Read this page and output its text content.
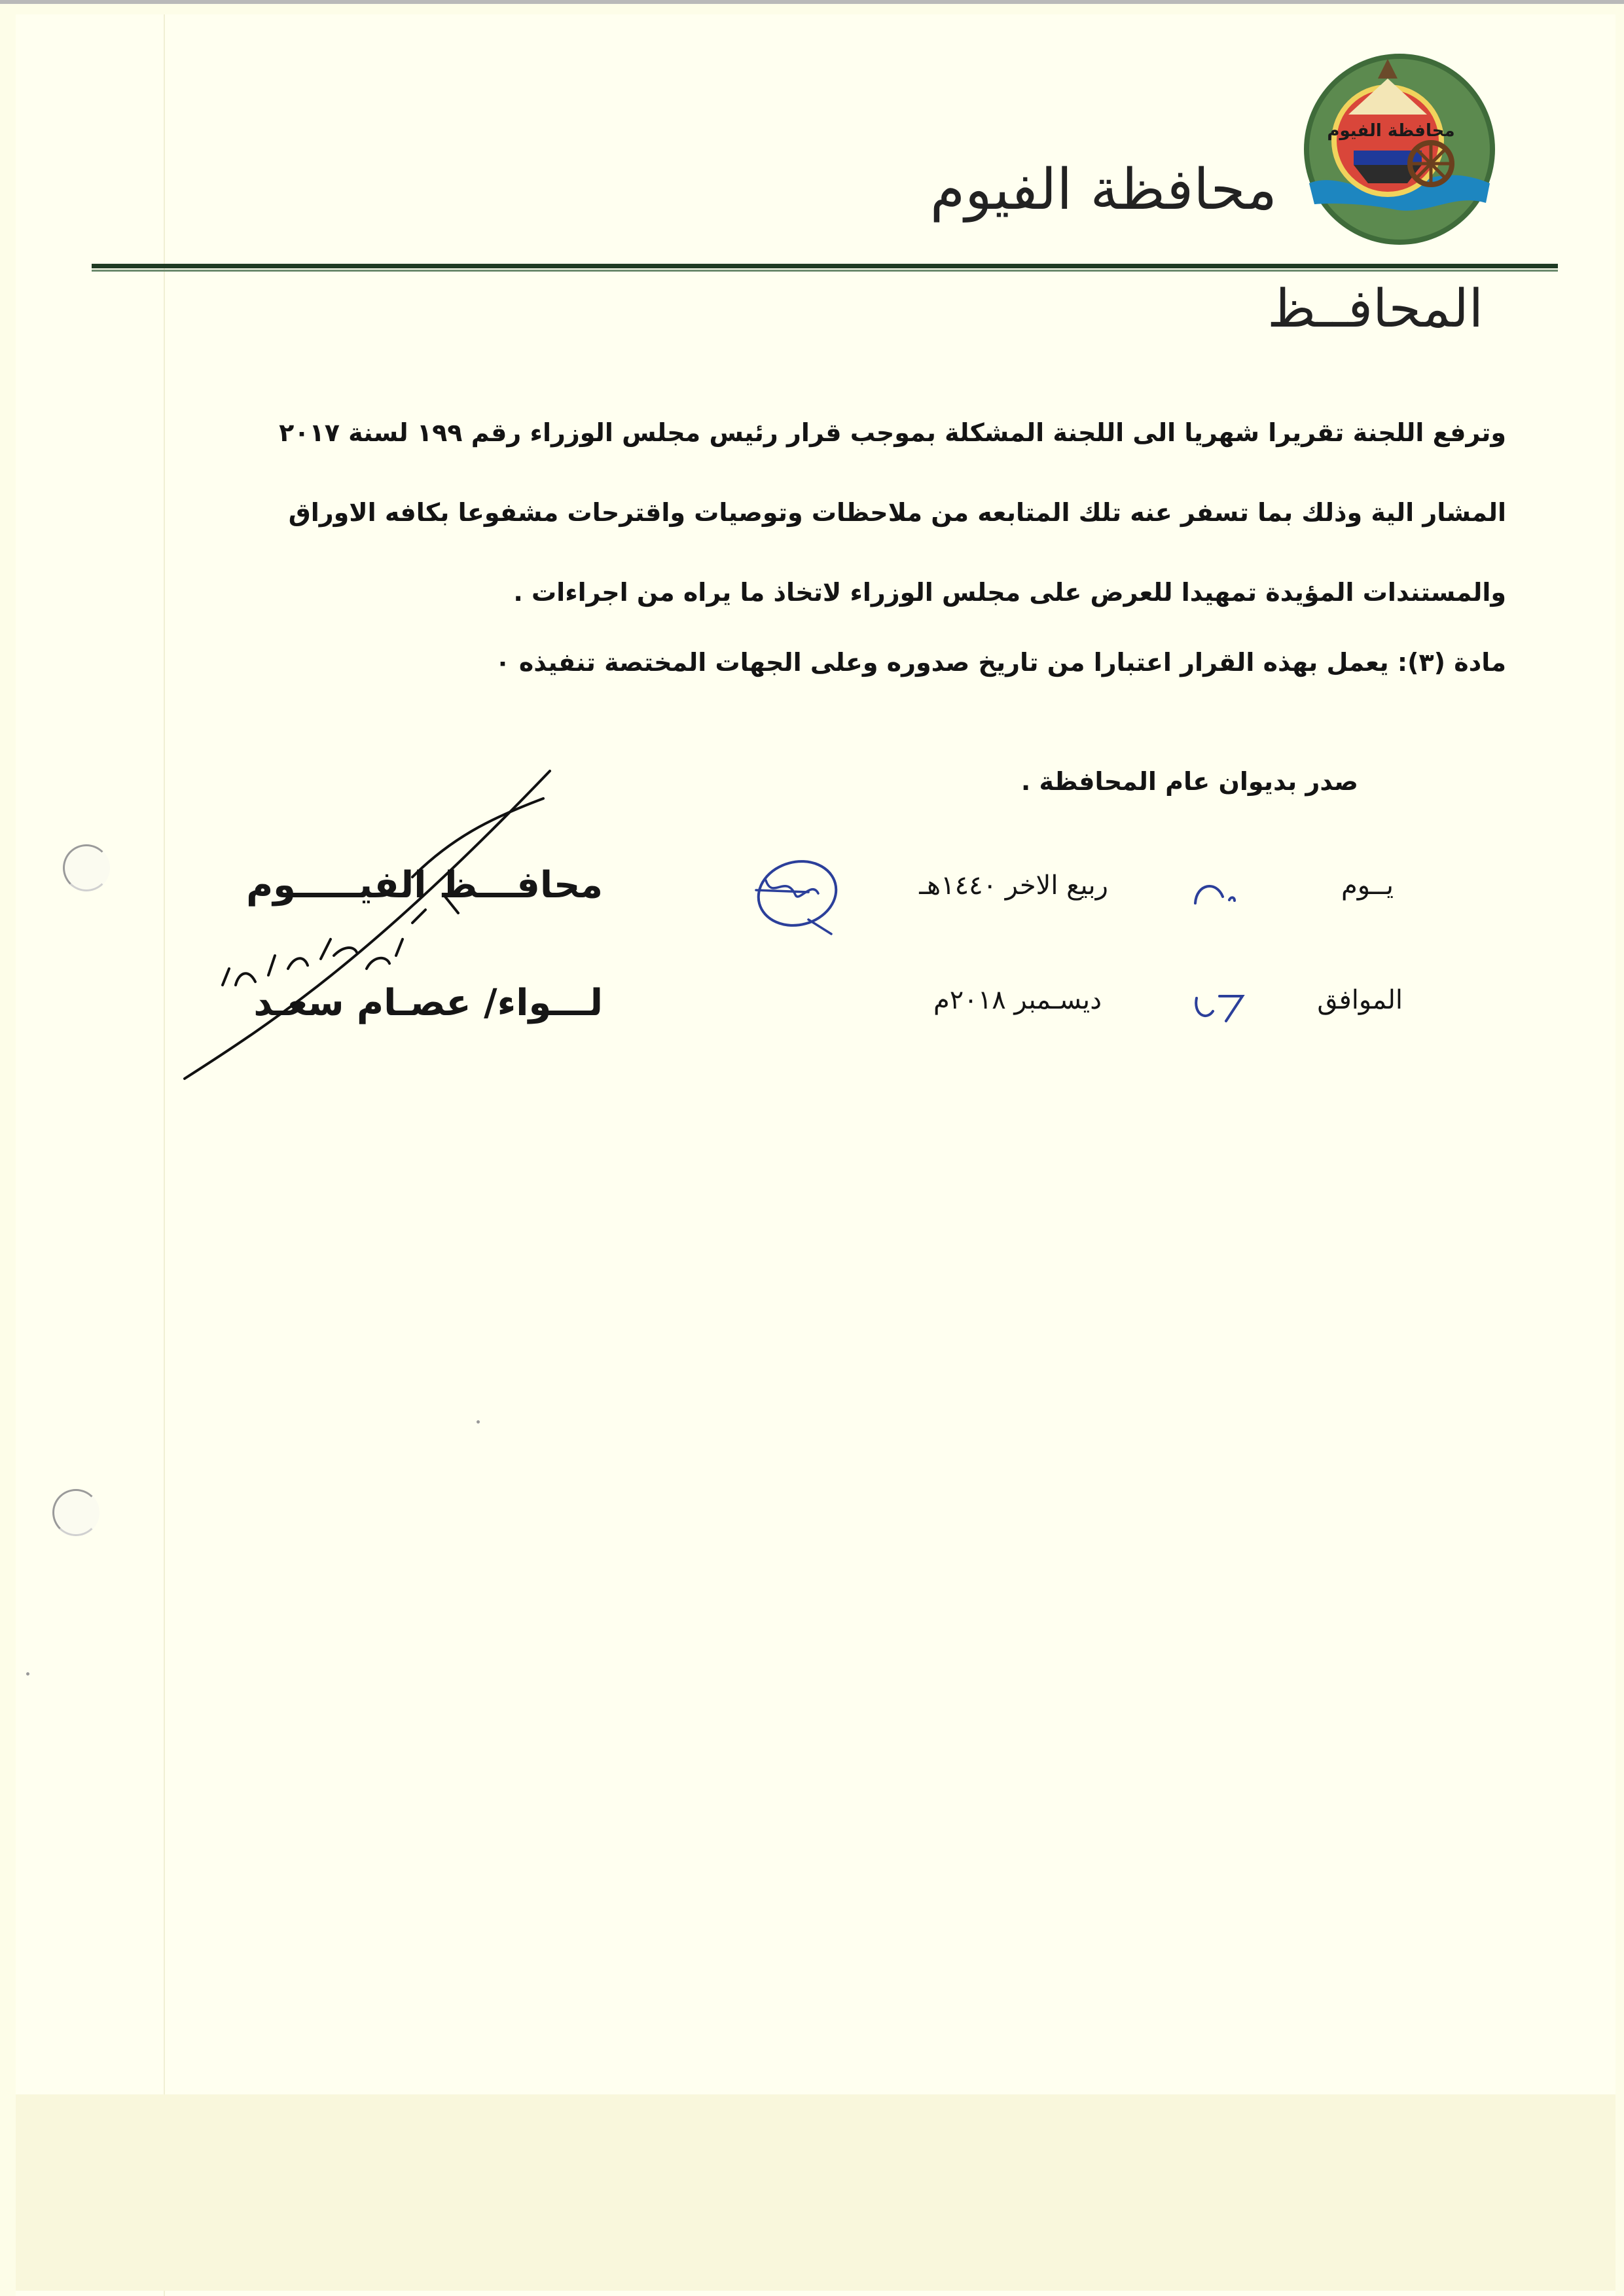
محافظة الفيوم
محافظة الفيوم
المحافــظ
وترفع اللجنة تقريرا شهريا الى اللجنة المشكلة بموجب قرار رئيس مجلس الوزراء رقم ١٩٩ لسنة ٢٠١٧
المشار الية وذلك بما تسفر عنه تلك المتابعه من ملاحظات وتوصيات واقترحات مشفوعا بكافه الاوراق
والمستندات المؤيدة تمهيدا للعرض على مجلس الوزراء لاتخاذ ما يراه من اجراءات .
مادة (٣): يعمل بهذه القرار اعتبارا من تاريخ صدوره وعلى الجهات المختصة تنفيذه ٠
صدر بديوان عام المحافظة .
يــوم
ربيع الاخر ١٤٤٠هـ
الموافق
ديسـمبر ٢٠١٨م
محافـــظ الفيـــــوم
لـــواء/ عصـام سعـد
